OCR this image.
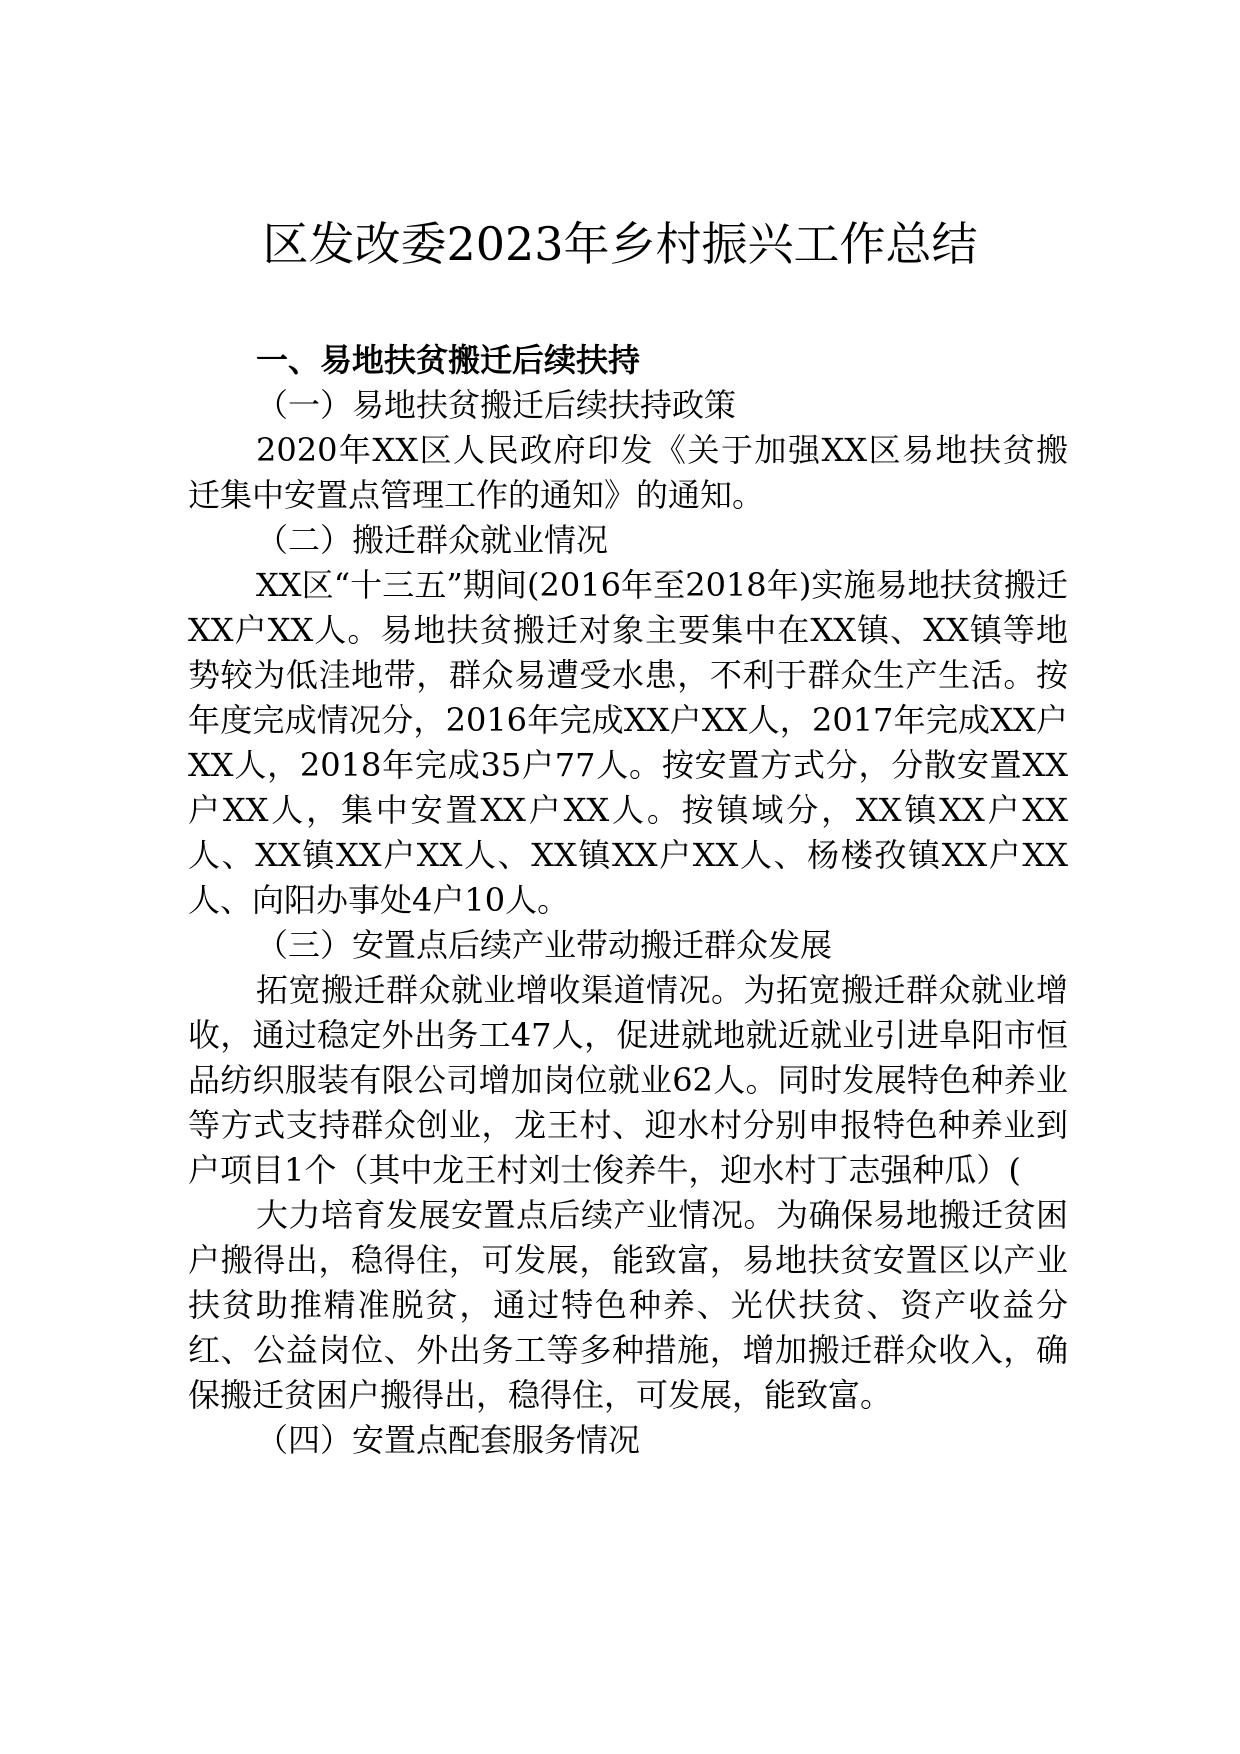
区发改委2023年乡村振兴工作总结

一、易地扶贫搬迁后续扶持

（一）易地扶贫搬迁后续扶持政策

2020年XX区人民政府印发《关于加强XX区易地扶贫搬迁集中安置点管理工作的通知》的通知。

（二）搬迁群众就业情况

XX区“十三五”期间(2016年至2018年)实施易地扶贫搬迁XX户XX人。易地扶贫搬迁对象主要集中在XX镇、XX镇等地势较为低洼地带，群众易遭受水患，不利于群众生产生活。按年度完成情况分，2016年完成XX户XX人，2017年完成XX户XX人，2018年完成35户77人。按安置方式分，分散安置XX户XX人，集中安置XX户XX人。按镇域分，XX镇XX户XX人、XX镇XX户XX人、XX镇XX户XX人、杨楼孜镇XX户XX人、向阳办事处4户10人。

（三）安置点后续产业带动搬迁群众发展

拓宽搬迁群众就业增收渠道情况。为拓宽搬迁群众就业增收，通过稳定外出务工47人，促进就地就近就业引进阜阳市恒品纺织服装有限公司增加岗位就业62人。同时发展特色种养业等方式支持群众创业，龙王村、迎水村分别申报特色种养业到户项目1个（其中龙王村刘士俊养牛，迎水村丁志强种瓜）(

大力培育发展安置点后续产业情况。为确保易地搬迁贫困户搬得出，稳得住，可发展，能致富，易地扶贫安置区以产业扶贫助推精准脱贫，通过特色种养、光伏扶贫、资产收益分红、公益岗位、外出务工等多种措施，增加搬迁群众收入，确保搬迁贫困户搬得出，稳得住，可发展，能致富。

（四）安置点配套服务情况
